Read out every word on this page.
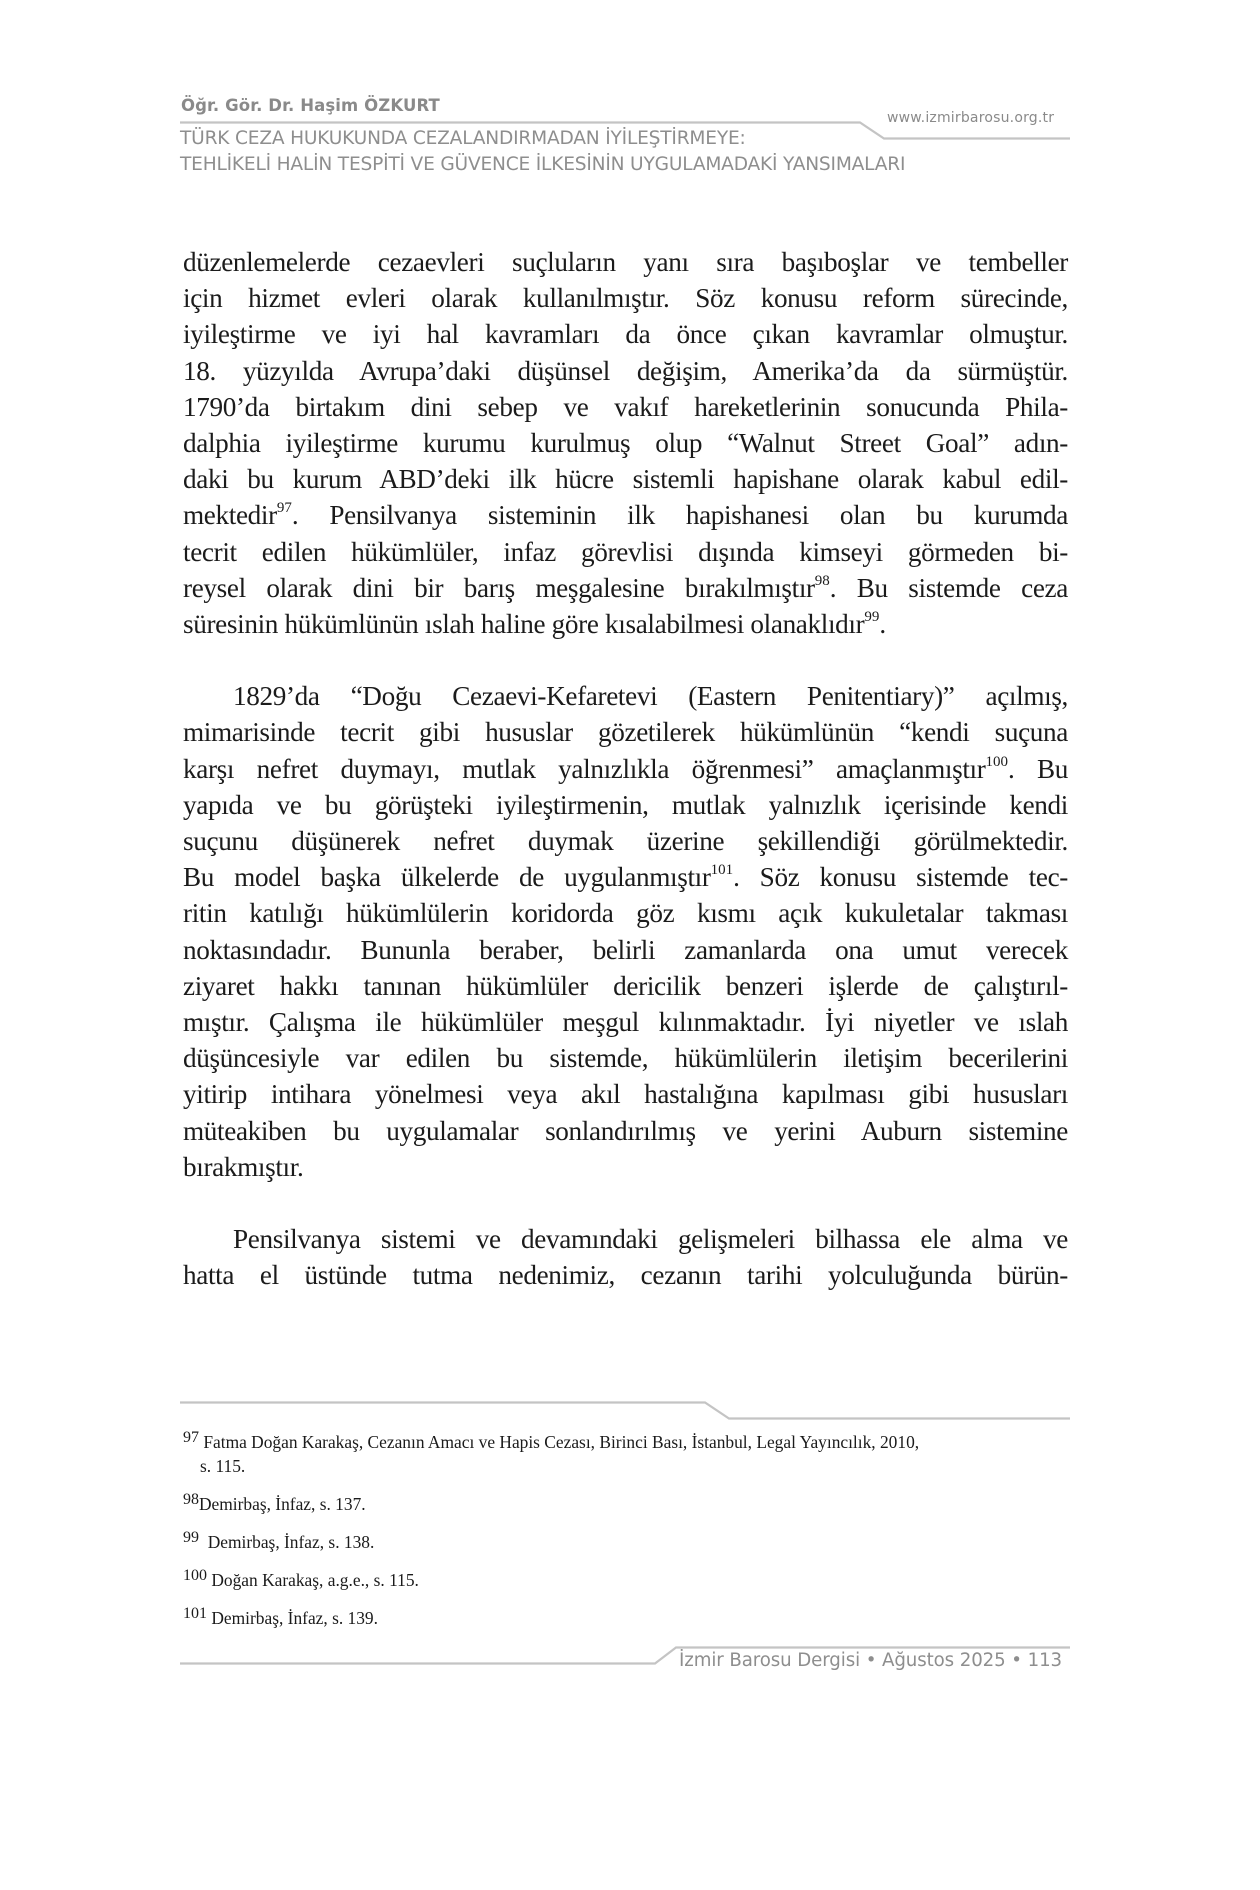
Öğr. Gör. Dr. Haşim ÖZKURT
www.izmirbarosu.org.tr
TÜRK CEZA HUKUKUNDA CEZALANDIRMADAN İYİLEŞTİRMEYE:
TEHLİKELİ HALİN TESPİTİ VE GÜVENCE İLKESİNİN UYGULAMADAKİ YANSIMALARI

düzenlemelerde cezaevleri suçluların yanı sıra başıboşlar ve tembeller
için hizmet evleri olarak kullanılmıştır. Söz konusu reform sürecinde,
iyileştirme ve iyi hal kavramları da önce çıkan kavramlar olmuştur.
18. yüzyılda Avrupa’daki düşünsel değişim, Amerika’da da sürmüştür.
1790’da birtakım dini sebep ve vakıf hareketlerinin sonucunda Phila-
dalphia iyileştirme kurumu kurulmuş olup “Walnut Street Goal” adın-
daki bu kurum ABD’deki ilk hücre sistemli hapishane olarak kabul edil-
mektedir$^{97}$. Pensilvanya sisteminin ilk hapishanesi olan bu kurumda
tecrit edilen hükümlüler, infaz görevlisi dışında kimseyi görmeden bi-
reysel olarak dini bir barış meşgalesine bırakılmıştır$^{98}$. Bu sistemde ceza
süresinin hükümlünün ıslah haline göre kısalabilmesi olanaklıdır$^{99}$.

1829’da “Doğu Cezaevi-Kefaretevi (Eastern Penitentiary)” açılmış,
mimarisinde tecrit gibi hususlar gözetilerek hükümlünün “kendi suçuna
karşı nefret duymayı, mutlak yalnızlıkla öğrenmesi” amaçlanmıştır$^{100}$. Bu
yapıda ve bu görüşteki iyileştirmenin, mutlak yalnızlık içerisinde kendi
suçunu düşünerek nefret duymak üzerine şekillendiği görülmektedir.
Bu model başka ülkelerde de uygulanmıştır$^{101}$. Söz konusu sistemde tec-
ritin katılığı hükümlülerin koridorda göz kısmı açık kukuletalar takması
noktasındadır. Bununla beraber, belirli zamanlarda ona umut verecek
ziyaret hakkı tanınan hükümlüler dericilik benzeri işlerde de çalıştırıl-
mıştır. Çalışma ile hükümlüler meşgul kılınmaktadır. İyi niyetler ve ıslah
düşüncesiyle var edilen bu sistemde, hükümlülerin iletişim becerilerini
yitirip intihara yönelmesi veya akıl hastalığına kapılması gibi hususları
müteakiben bu uygulamalar sonlandırılmış ve yerini Auburn sistemine
bırakmıştır.

Pensilvanya sistemi ve devamındaki gelişmeleri bilhassa ele alma ve
hatta el üstünde tutma nedenimiz, cezanın tarihi yolculuğunda bürün-

97 Fatma Doğan Karakaş, Cezanın Amacı ve Hapis Cezası, Birinci Bası, İstanbul, Legal Yayıncılık, 2010,
s. 115.
98Demirbaş, İnfaz, s. 137.
99  Demirbaş, İnfaz, s. 138.
100 Doğan Karakaş, a.g.e., s. 115.
101 Demirbaş, İnfaz, s. 139.
İzmir Barosu Dergisi • Ağustos 2025 • 113
